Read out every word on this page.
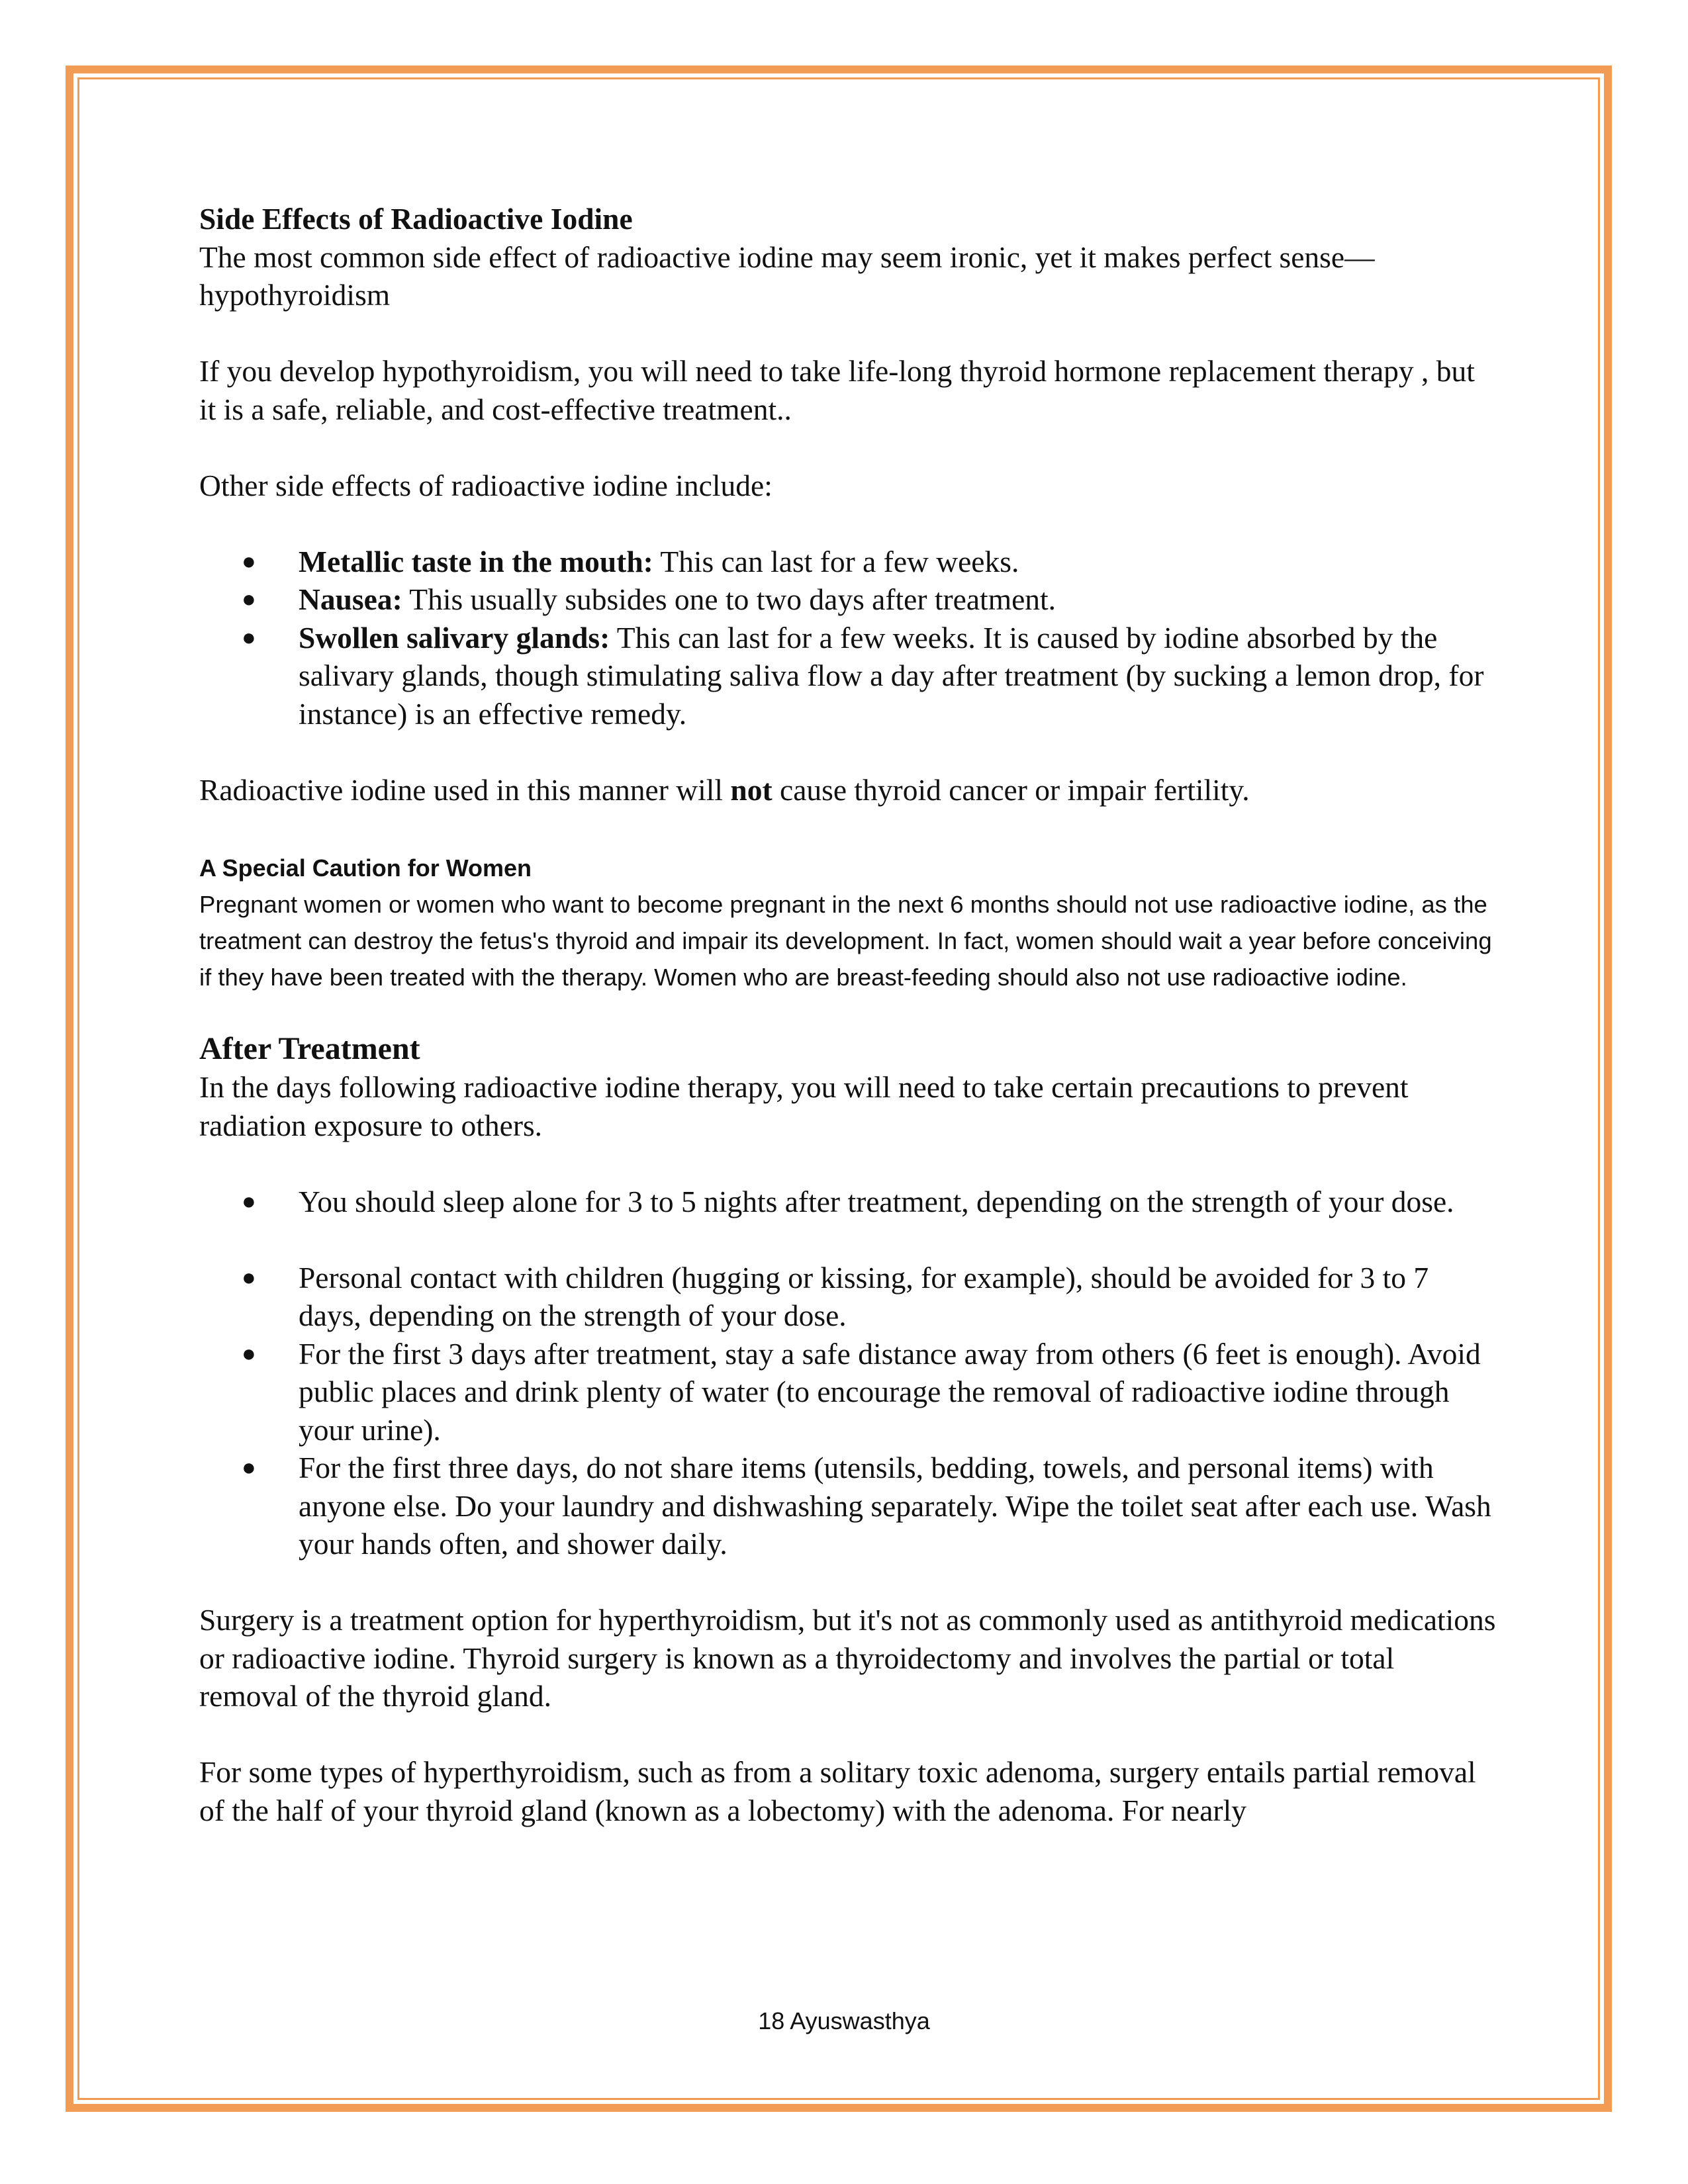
Side Effects of Radioactive Iodine

The most common side effect of radioactive iodine may seem ironic, yet it makes perfect sense—hypothyroidism

If you develop hypothyroidism, you will need to take life-long thyroid hormone replacement therapy , but it is a safe, reliable, and cost-effective treatment..

Other side effects of radioactive iodine include:

● Metallic taste in the mouth: This can last for a few weeks.
● Nausea: This usually subsides one to two days after treatment.
● Swollen salivary glands: This can last for a few weeks. It is caused by iodine absorbed by the salivary glands, though stimulating saliva flow a day after treatment (by sucking a lemon drop, for instance) is an effective remedy.

Radioactive iodine used in this manner will not cause thyroid cancer or impair fertility.

A Special Caution for Women

Pregnant women or women who want to become pregnant in the next 6 months should not use radioactive iodine, as the treatment can destroy the fetus's thyroid and impair its development. In fact, women should wait a year before conceiving if they have been treated with the therapy. Women who are breast-feeding should also not use radioactive iodine.

After Treatment

In the days following radioactive iodine therapy, you will need to take certain precautions to prevent radiation exposure to others.

● You should sleep alone for 3 to 5 nights after treatment, depending on the strength of your dose.
● Personal contact with children (hugging or kissing, for example), should be avoided for 3 to 7 days, depending on the strength of your dose.
● For the first 3 days after treatment, stay a safe distance away from others (6 feet is enough). Avoid public places and drink plenty of water (to encourage the removal of radioactive iodine through your urine).
● For the first three days, do not share items (utensils, bedding, towels, and personal items) with anyone else. Do your laundry and dishwashing separately. Wipe the toilet seat after each use. Wash your hands often, and shower daily.

Surgery is a treatment option for hyperthyroidism, but it's not as commonly used as antithyroid medications or radioactive iodine. Thyroid surgery is known as a thyroidectomy and involves the partial or total removal of the thyroid gland.

For some types of hyperthyroidism, such as from a solitary toxic adenoma, surgery entails partial removal of the half of your thyroid gland (known as a lobectomy) with the adenoma. For nearly

18 Ayuswasthya
